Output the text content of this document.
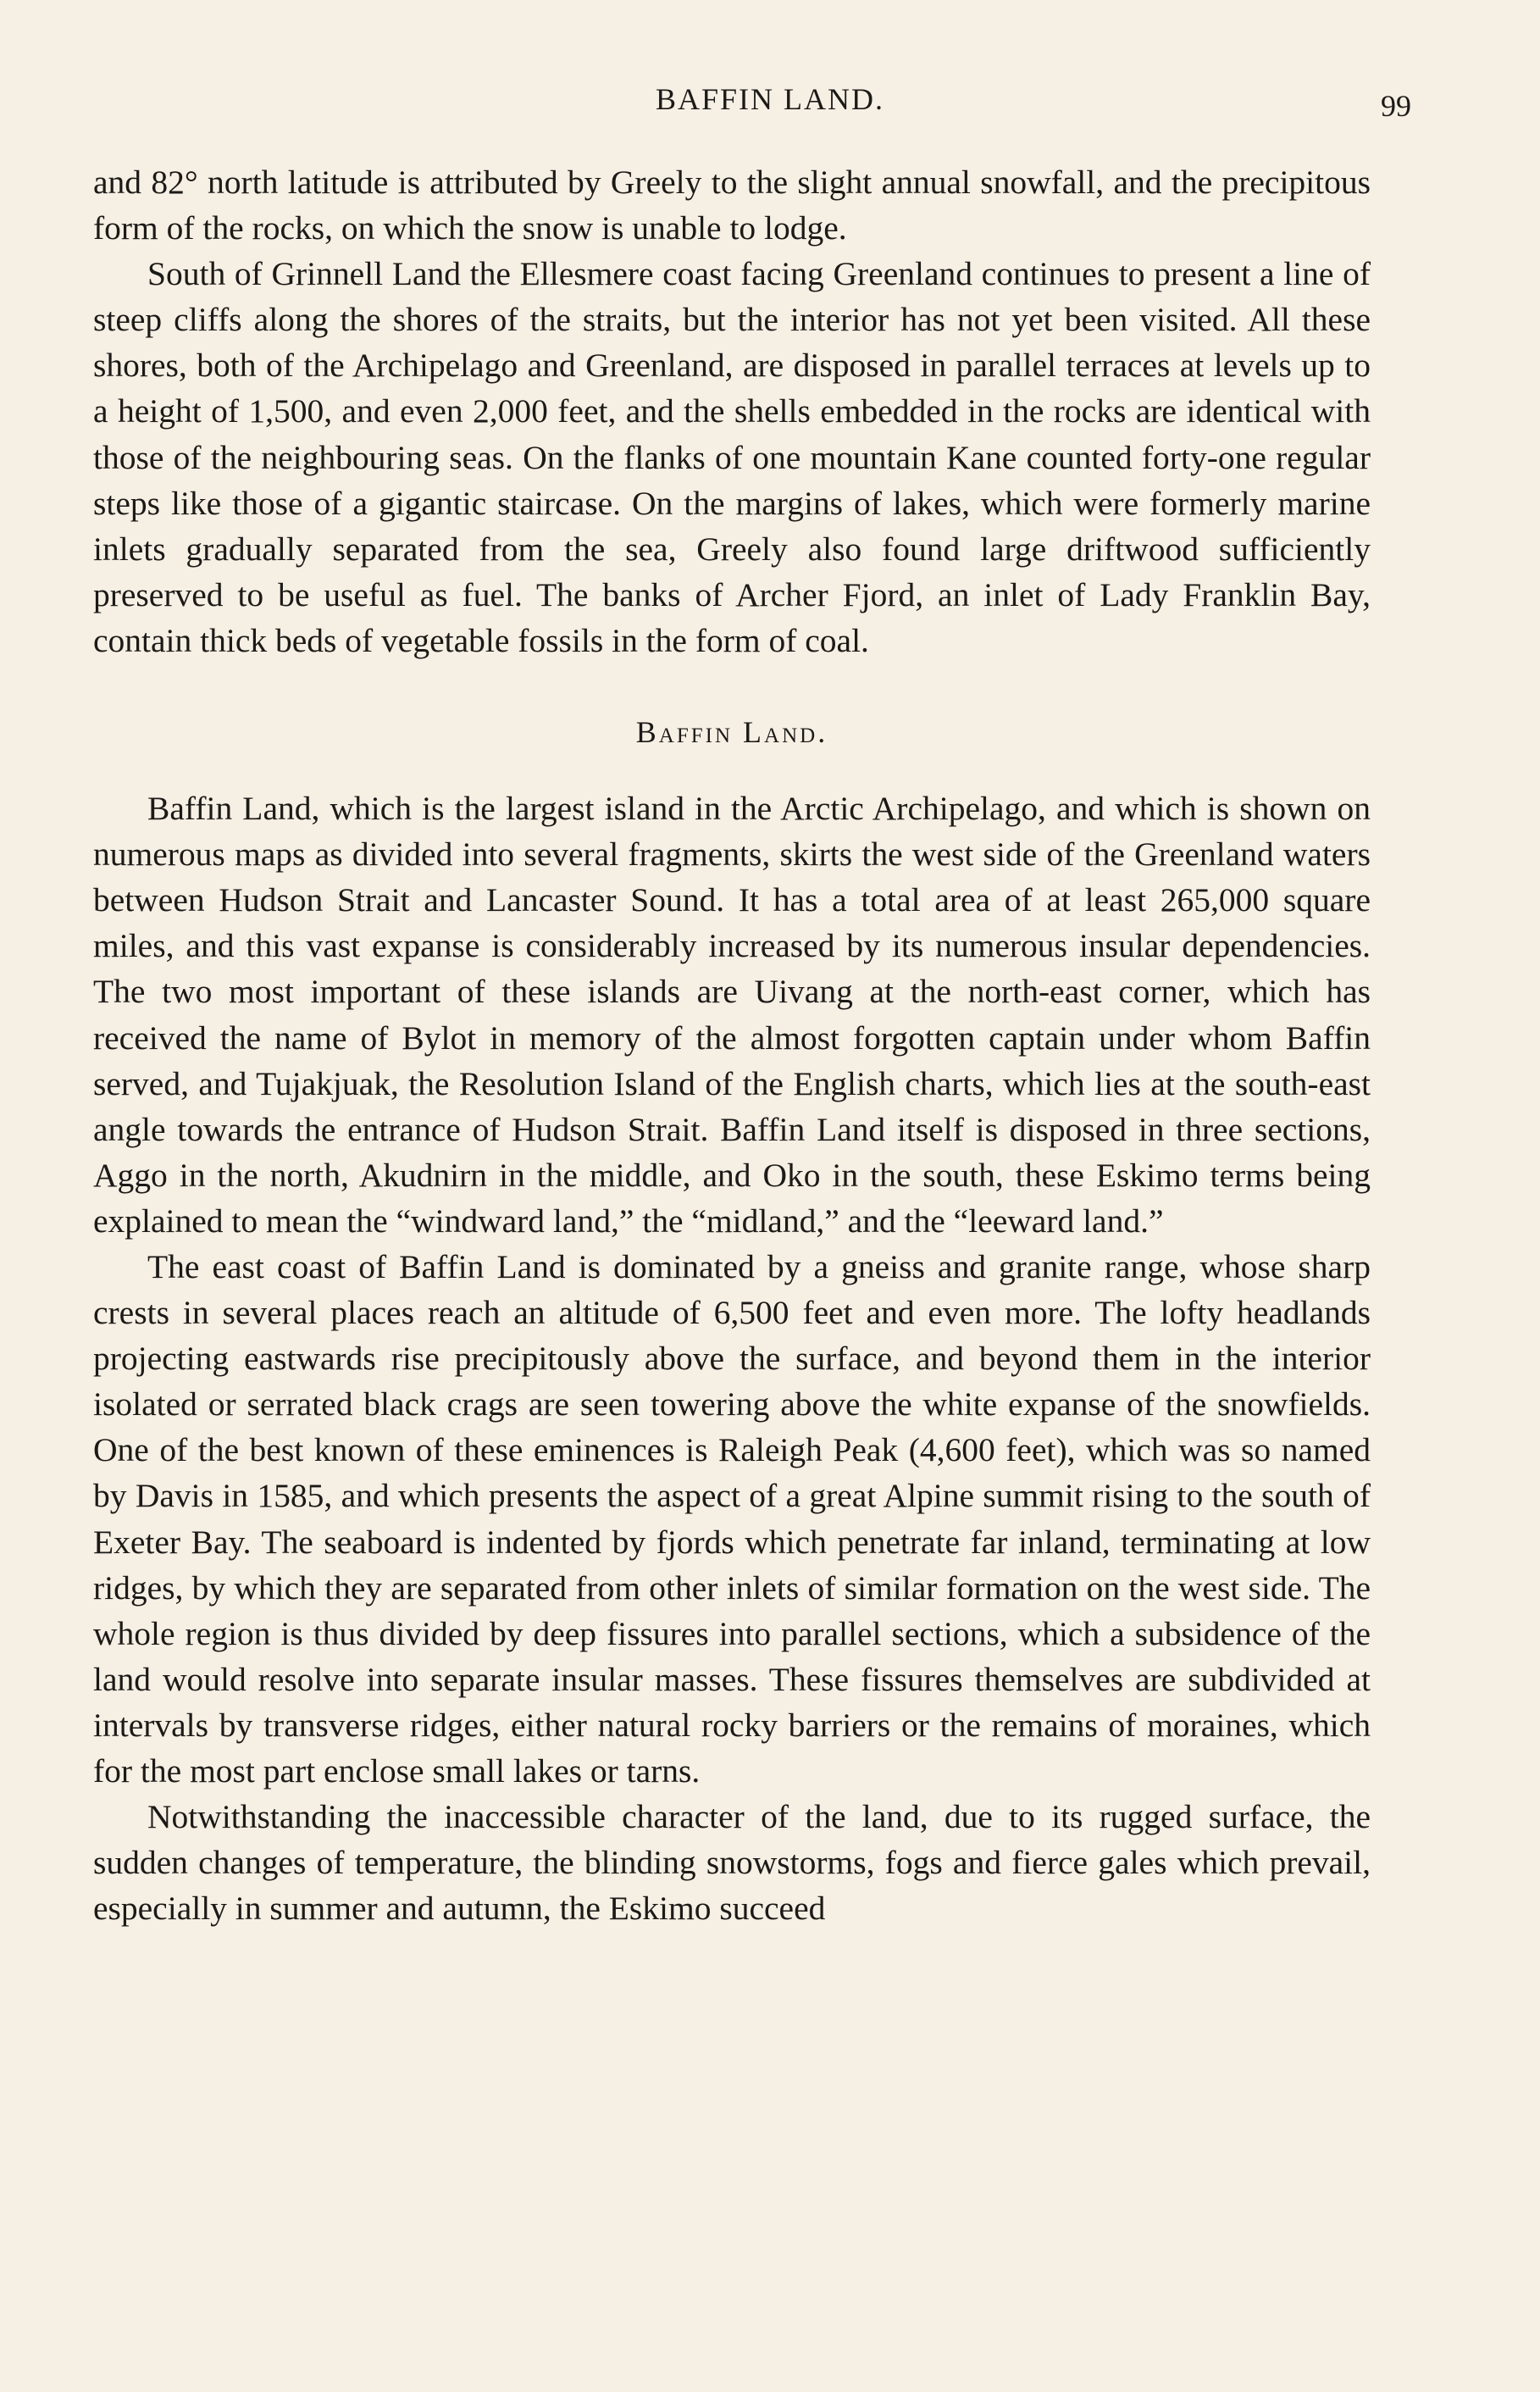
BAFFIN LAND.	99

and 82° north latitude is attributed by Greely to the slight annual snowfall, and the precipitous form of the rocks, on which the snow is unable to lodge.

South of Grinnell Land the Ellesmere coast facing Greenland continues to present a line of steep cliffs along the shores of the straits, but the interior has not yet been visited. All these shores, both of the Archipelago and Greenland, are disposed in parallel terraces at levels up to a height of 1,500, and even 2,000 feet, and the shells embedded in the rocks are identical with those of the neighbouring seas. On the flanks of one mountain Kane counted forty-one regular steps like those of a gigantic staircase. On the margins of lakes, which were formerly marine inlets gradually separated from the sea, Greely also found large driftwood sufficiently preserved to be useful as fuel. The banks of Archer Fjord, an inlet of Lady Franklin Bay, contain thick beds of vegetable fossils in the form of coal.

Baffin Land.

Baffin Land, which is the largest island in the Arctic Archipelago, and which is shown on numerous maps as divided into several fragments, skirts the west side of the Greenland waters between Hudson Strait and Lancaster Sound. It has a total area of at least 265,000 square miles, and this vast expanse is considerably increased by its numerous insular dependencies. The two most important of these islands are Uivang at the north-east corner, which has received the name of Bylot in memory of the almost forgotten captain under whom Baffin served, and Tujakjuak, the Resolution Island of the English charts, which lies at the south-east angle towards the entrance of Hudson Strait. Baffin Land itself is disposed in three sections, Aggo in the north, Akudnirn in the middle, and Oko in the south, these Eskimo terms being explained to mean the “windward land,” the “midland,” and the “leeward land.”

The east coast of Baffin Land is dominated by a gneiss and granite range, whose sharp crests in several places reach an altitude of 6,500 feet and even more. The lofty headlands projecting eastwards rise precipitously above the surface, and beyond them in the interior isolated or serrated black crags are seen towering above the white expanse of the snowfields. One of the best known of these eminences is Raleigh Peak (4,600 feet), which was so named by Davis in 1585, and which presents the aspect of a great Alpine summit rising to the south of Exeter Bay. The seaboard is indented by fjords which penetrate far inland, terminating at low ridges, by which they are separated from other inlets of similar formation on the west side. The whole region is thus divided by deep fissures into parallel sections, which a subsidence of the land would resolve into separate insular masses. These fissures themselves are subdivided at intervals by transverse ridges, either natural rocky barriers or the remains of moraines, which for the most part enclose small lakes or tarns.

Notwithstanding the inaccessible character of the land, due to its rugged surface, the sudden changes of temperature, the blinding snowstorms, fogs and fierce gales which prevail, especially in summer and autumn, the Eskimo succeed
